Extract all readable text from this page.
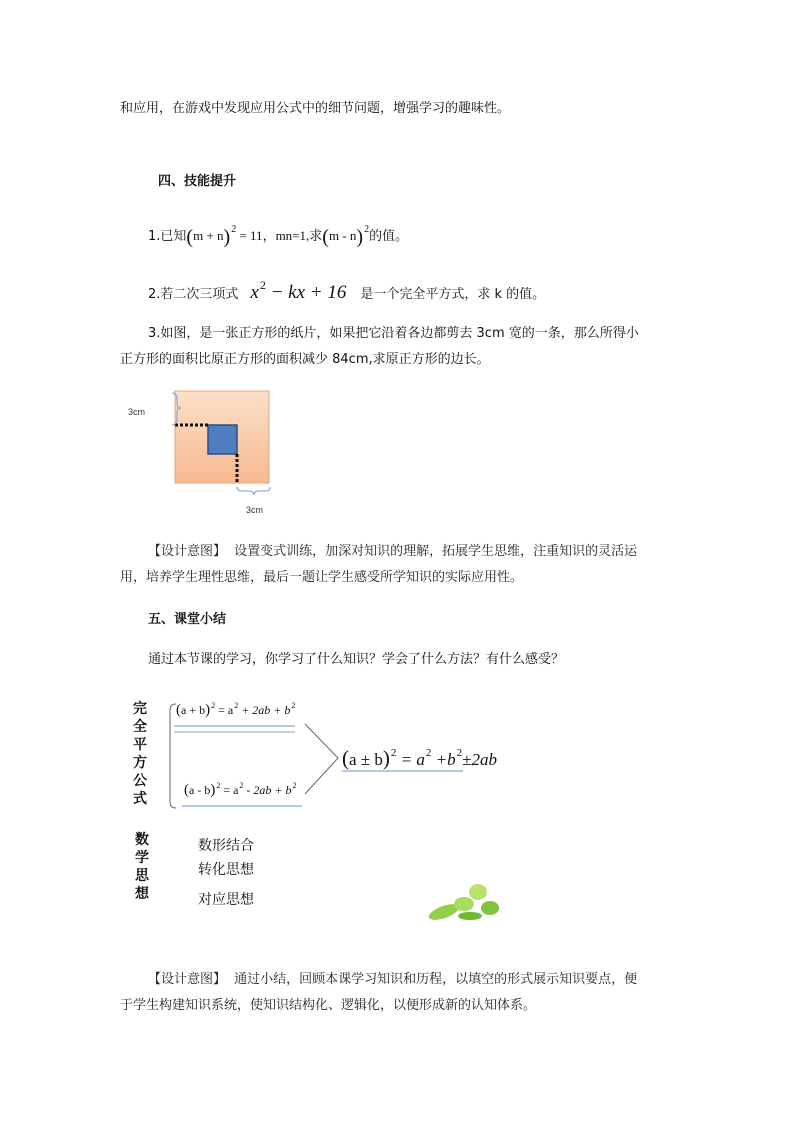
和应用，在游戏中发现应用公式中的细节问题，增强学习的趣味性。
四、技能提升
1.已知$(m + n)^2 = 11$，mn=1,求(m - n)$^2$的值。
2.若二次三项式 $x^2$ − kx + 16 是一个完全平方式，求 k 的值。
3.如图，是一张正方形的纸片，如果把它沿着各边都剪去 3cm 宽的一条，那么所得小
正方形的面积比原正方形的面积减少 84cm,求原正方形的边长。
3cm
3cm
【设计意图】 设置变式训练，加深对知识的理解，拓展学生思维，注重知识的灵活运
用，培养学生理性思维，最后一题让学生感受所学知识的实际应用性。
五、课堂小结
通过本节课的学习，你学习了什么知识？学会了什么方法？有什么感受？
完
全
平
方
公
式
$(a + b)^2 = a^2 + 2ab + b^2$
$(a - b)^2 = a^2 - 2ab + b^2$
$(a \pm b)^2 = a^2 +b^2\pm 2ab$
数
学
思
想
数形结合
转化思想
对应思想
【设计意图】 通过小结，回顾本课学习知识和历程，以填空的形式展示知识要点，便
于学生构建知识系统，使知识结构化、逻辑化，以便形成新的认知体系。
